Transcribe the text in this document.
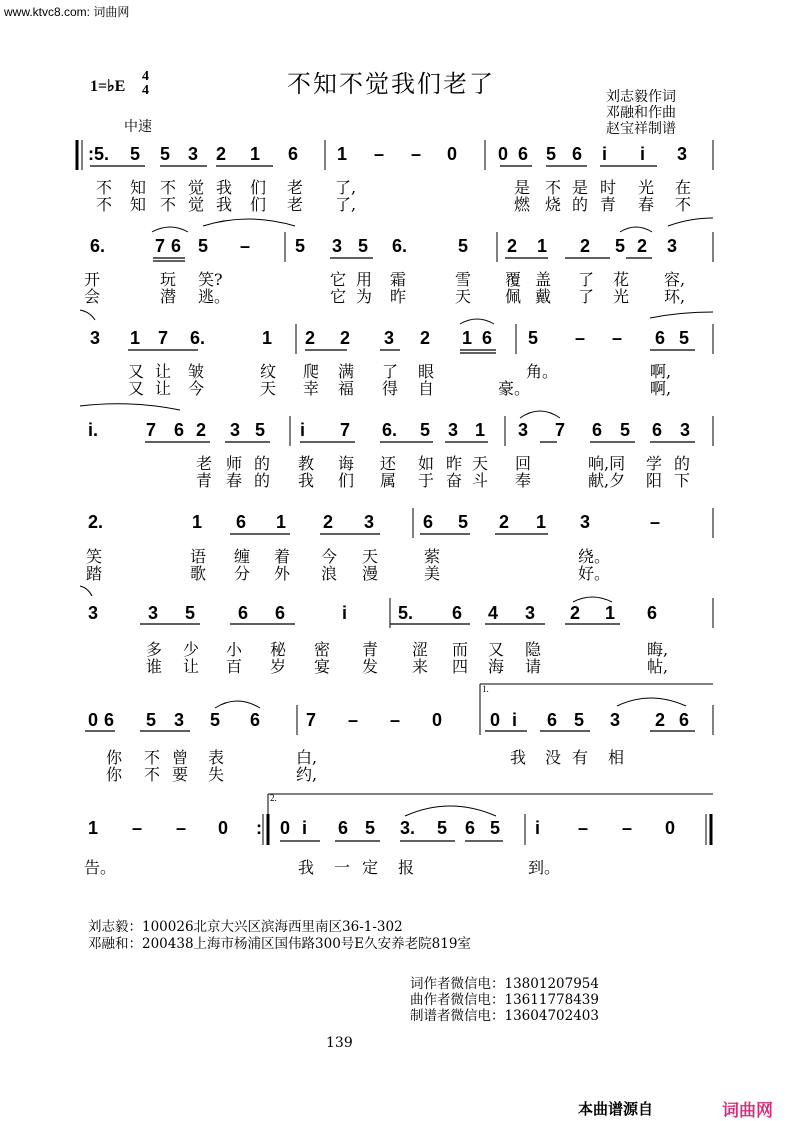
www.ktvc8.com: 词曲网
1=♭E
4
4	不知不觉我们老了	刘志毅作词
邓融和作曲
赵宝祥制谱
中速
2.
1.
: 5. 5 5 3 2 1 6 1 – – 0 0 6 5 6 i i 3
不 知 不 觉 我 们 老 了,	是 不 是 时 光 在
不 知 不 觉 我 们 老 了,	燃 烧 的 青 春 不
6.	7 6 5 – 5 3 5 6.	5 2 1 2 5 2 3
开	玩 笑?	它 用 霜	雪 覆 盖 了 花 容,
会	潜 逃。	它 为 昨	天 佩 戴 了 光 环,
3 1 7 6.	1 2 2 3 2 1 6 5 – – 6 5
又 让 皱	纹 爬 满 了 眼	角。	啊,
又 让 今	天 幸 福 得 自	豪。	啊,
i.	7 6 2 3 5 i 7 6. 5 3 1 3 7 6 5 6 3
老 师 的 教 诲 还 如 昨 天 回	响,同 学 的
青 春 的 我 们 属 于 奋 斗 奉	献,夕 阳 下
2.	1 6 1 2 3	6 5 2 1 3	–
笑	语 缠 着 今 天	萦	绕。
踏	歌 分 外 浪 漫	美	好。
3	3 5 6 6	i	5. 6 4 3 2 1 6
多 少 小 秘 密 青 涩 而 又 隐	晦,
谁 让 百 岁 宴 发 来 四 海 请	帖,
0 6 5 3 5 6	7 – – 0	0 i 6 5 3 2 6
你 不 曾 表	白,	我 没 有 相
你 不 要 失	约,
1 – – 0 : 0 i 6 5 3. 5 6 5 i – – 0
告。	我 一 定 报	到。
刘志毅：100026北京大兴区滨海西里南区36-1-302
邓融和：200438上海市杨浦区国伟路300号E久安养老院819室
词作者微信电：13801207954
曲作者微信电：13611778439
制谱者微信电：13604702403
139
本曲谱源自	词曲网
